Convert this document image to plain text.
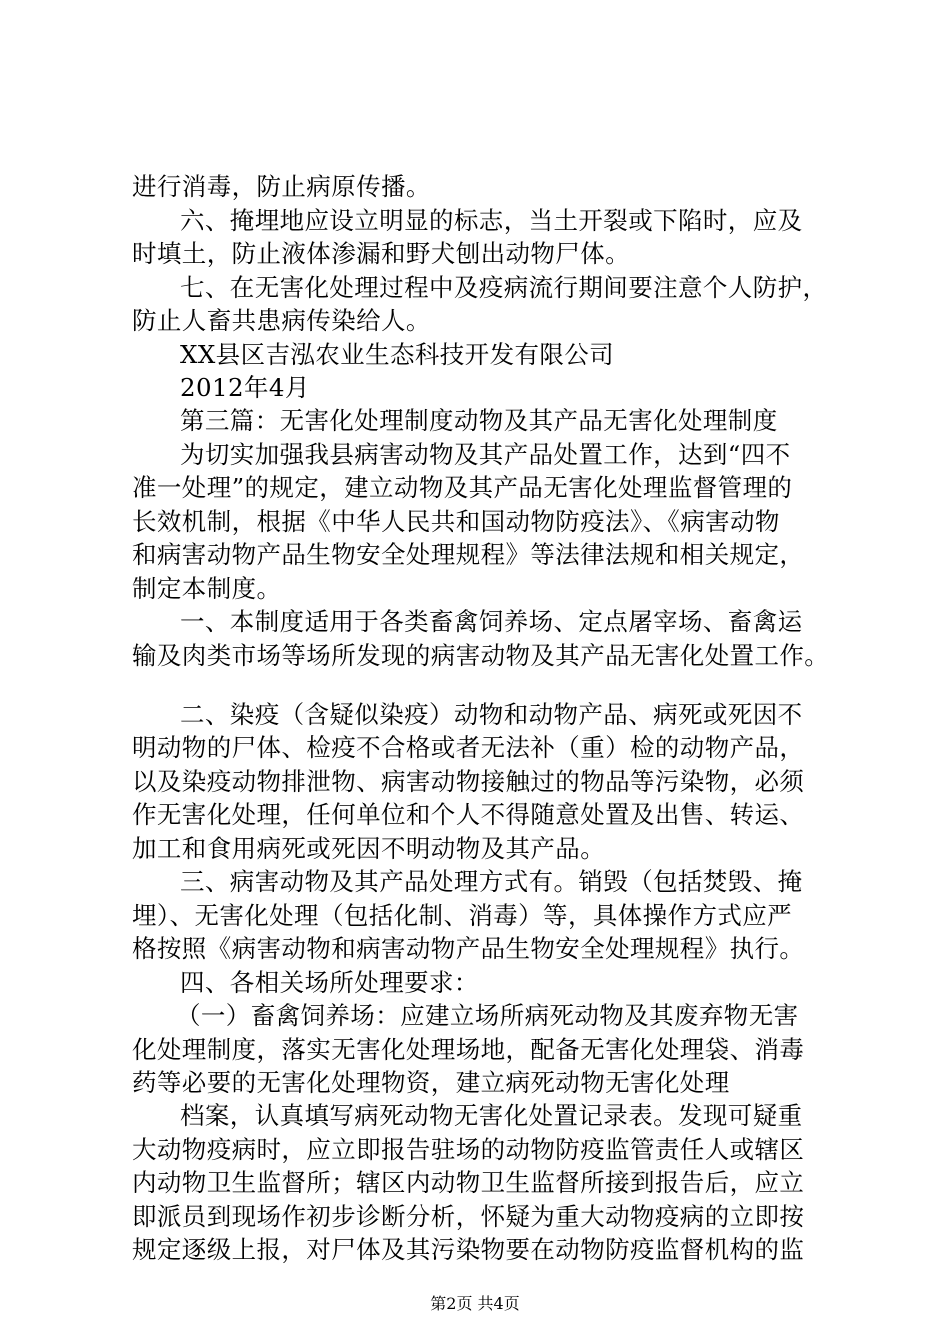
进行消毒，防止病原传播。
六、掩埋地应设立明显的标志，当土开裂或下陷时，应及
时填土，防止液体渗漏和野犬刨出动物尸体。
七、在无害化处理过程中及疫病流行期间要注意个人防护，
防止人畜共患病传染给人。
XX县区吉泓农业生态科技开发有限公司
2012年4月
第三篇：无害化处理制度动物及其产品无害化处理制度
为切实加强我县病害动物及其产品处置工作，达到“四不
准一处理”的规定，建立动物及其产品无害化处理监督管理的
长效机制，根据《中华人民共和国动物防疫法》、《病害动物
和病害动物产品生物安全处理规程》等法律法规和相关规定，
制定本制度。
一、本制度适用于各类畜禽饲养场、定点屠宰场、畜禽运
输及肉类市场等场所发现的病害动物及其产品无害化处置工作。
二、染疫（含疑似染疫）动物和动物产品、病死或死因不
明动物的尸体、检疫不合格或者无法补（重）检的动物产品，
以及染疫动物排泄物、病害动物接触过的物品等污染物，必须
作无害化处理，任何单位和个人不得随意处置及出售、转运、
加工和食用病死或死因不明动物及其产品。
三、病害动物及其产品处理方式有。销毁（包括焚毁、掩
埋）、无害化处理（包括化制、消毒）等，具体操作方式应严
格按照《病害动物和病害动物产品生物安全处理规程》执行。
四、各相关场所处理要求：
（一）畜禽饲养场：应建立场所病死动物及其废弃物无害
化处理制度，落实无害化处理场地，配备无害化处理袋、消毒
药等必要的无害化处理物资，建立病死动物无害化处理
档案，认真填写病死动物无害化处置记录表。发现可疑重
大动物疫病时，应立即报告驻场的动物防疫监管责任人或辖区
内动物卫生监督所；辖区内动物卫生监督所接到报告后，应立
即派员到现场作初步诊断分析，怀疑为重大动物疫病的立即按
规定逐级上报，对尸体及其污染物要在动物防疫监督机构的监
第2页 共4页
